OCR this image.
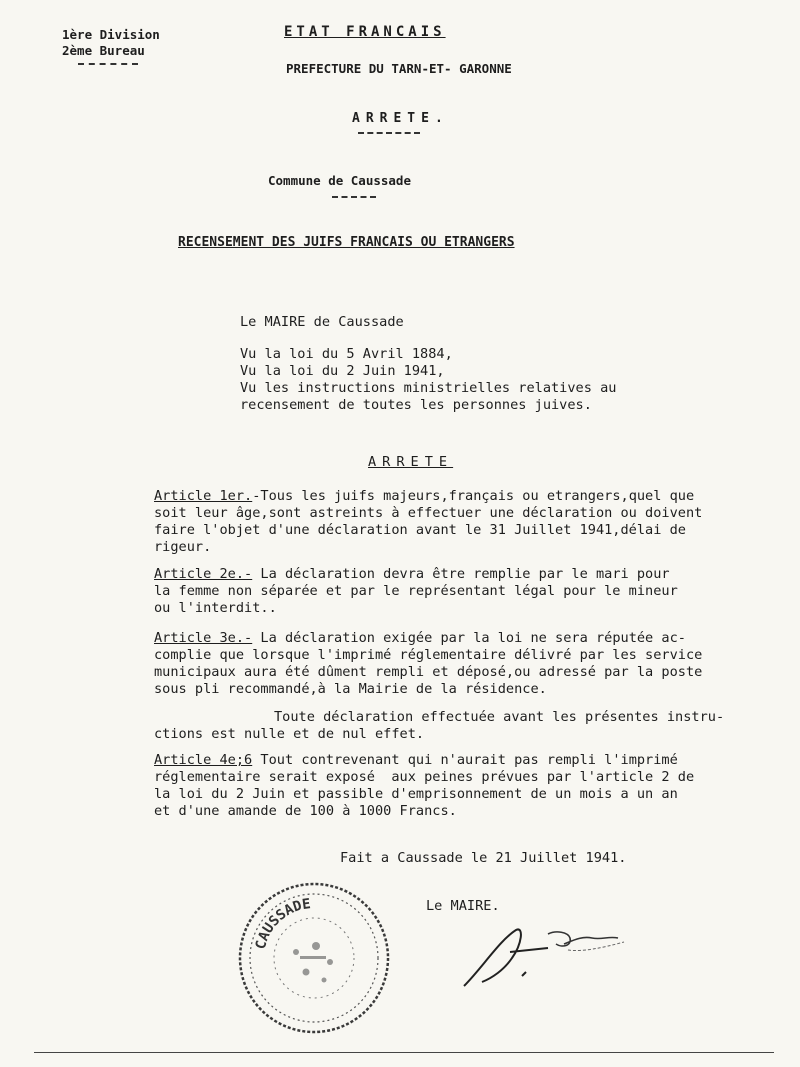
1ère Division
2ème Bureau
ETAT FRANCAIS
PREFECTURE DU TARN-ET- GARONNE
ARRETE.
Commune de Caussade
RECENSEMENT DES JUIFS FRANCAIS OU ETRANGERS
Le MAIRE de Caussade
Vu la loi du 5 Avril 1884,
Vu la loi du 2 Juin 1941,
Vu les instructions ministrielles relatives au
recensement de toutes les personnes juives.
ARRETE
Article 1er.-Tous les juifs majeurs,français ou etrangers,quel que
soit leur âge,sont astreints à effectuer une déclaration ou doivent
faire l'objet d'une déclaration avant le 31 Juillet 1941,délai de
rigeur.
Article 2e.- La déclaration devra être remplie par le mari pour
la femme non séparée et par le représentant légal pour le mineur
ou l'interdit..
Article 3e.- La déclaration exigée par la loi ne sera réputée ac-
complie que lorsque l'imprimé réglementaire délivré par les service
municipaux aura été dûment rempli et déposé,ou adressé par la poste
sous pli recommandé,à la Mairie de la résidence.
Toute déclaration effectuée avant les présentes instru-
ctions est nulle et de nul effet.
Article 4e;6 Tout contrevenant qui n'aurait pas rempli l'imprimé
réglementaire serait exposé  aux peines prévues par l'article 2 de
la loi du 2 Juin et passible d'emprisonnement de un mois a un an
et d'une amande de 100 à 1000 Francs.
Fait a Caussade le 21 Juillet 1941.
Le MAIRE.
CAUSSADE
